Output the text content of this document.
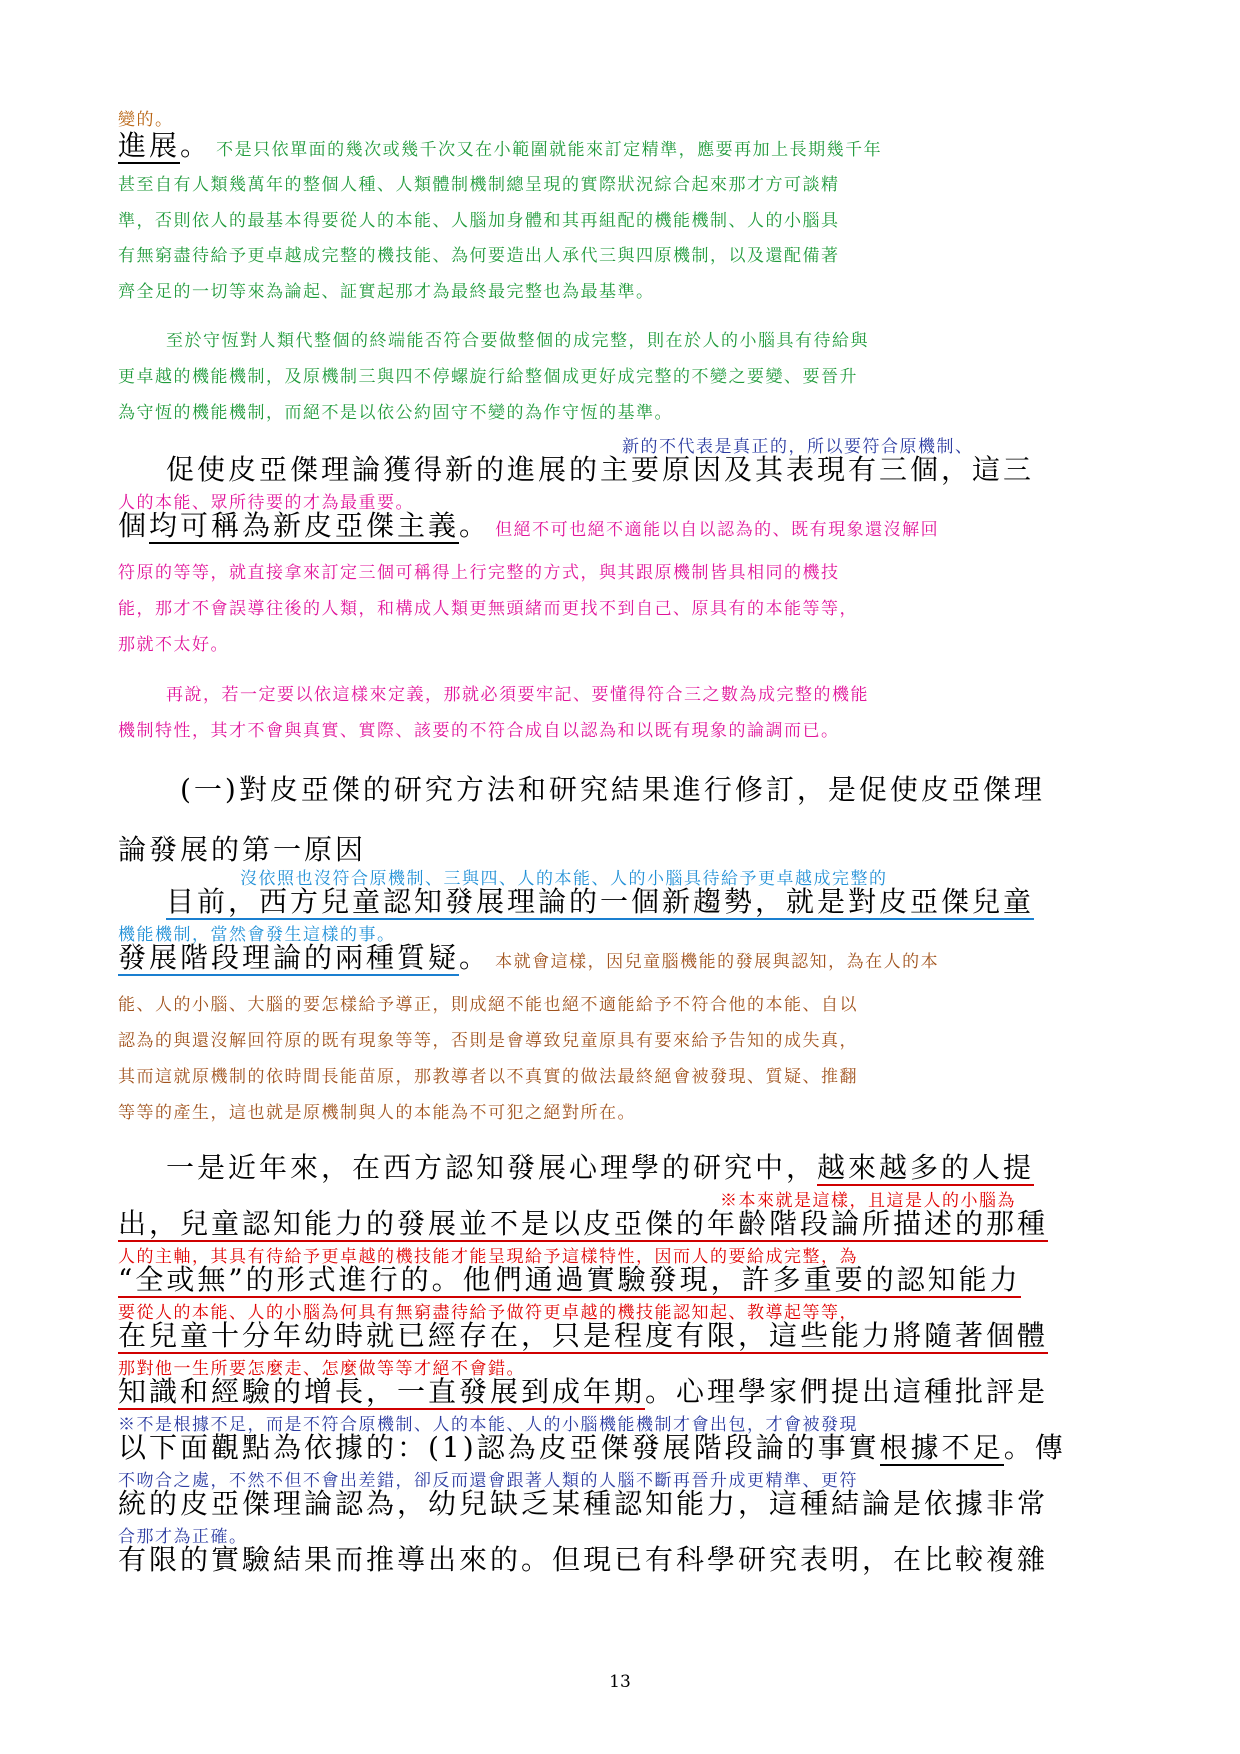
變的。
進展。 不是只依單面的幾次或幾千次又在小範圍就能來訂定精準，應要再加上長期幾千年
甚至自有人類幾萬年的整個人種、人類體制機制總呈現的實際狀況綜合起來那才方可談精
準，否則依人的最基本得要從人的本能、人腦加身體和其再組配的機能機制、人的小腦具
有無窮盡待給予更卓越成完整的機技能、為何要造出人承代三與四原機制，以及還配備著
齊全足的一切等來為論起、証實起那才為最終最完整也為最基準。
至於守恆對人類代整個的終端能否符合要做整個的成完整，則在於人的小腦具有待給與
更卓越的機能機制，及原機制三與四不停螺旋行給整個成更好成完整的不變之要變、要晉升
為守恆的機能機制，而絕不是以依公約固守不變的為作守恆的基準。
新的不代表是真正的，所以要符合原機制、
促使皮亞傑理論獲得新的進展的主要原因及其表現有三個，這三
人的本能、眾所待要的才為最重要。
個均可稱為新皮亞傑主義。 但絕不可也絕不適能以自以認為的、既有現象還沒解回
符原的等等，就直接拿來訂定三個可稱得上行完整的方式，與其跟原機制皆具相同的機技
能，那才不會誤導往後的人類，和構成人類更無頭緒而更找不到自己、原具有的本能等等，
那就不太好。
再說，若一定要以依這樣來定義，那就必須要牢記、要懂得符合三之數為成完整的機能
機制特性，其才不會與真實、實際、該要的不符合成自以認為和以既有現象的論調而已。
(一)對皮亞傑的研究方法和研究結果進行修訂，是促使皮亞傑理
論發展的第一原因
沒依照也沒符合原機制、三與四、人的本能、人的小腦具待給予更卓越成完整的
目前，西方兒童認知發展理論的一個新趨勢，就是對皮亞傑兒童
機能機制，當然會發生這樣的事。
發展階段理論的兩種質疑。 本就會這樣，因兒童腦機能的發展與認知，為在人的本
能、人的小腦、大腦的要怎樣給予導正，則成絕不能也絕不適能給予不符合他的本能、自以
認為的與還沒解回符原的既有現象等等，否則是會導致兒童原具有要來給予告知的成失真，
其而這就原機制的依時間長能苗原，那教導者以不真實的做法最終絕會被發現、質疑、推翻
等等的產生，這也就是原機制與人的本能為不可犯之絕對所在。
一是近年來，在西方認知發展心理學的研究中，越來越多的人提
※本來就是這樣，且這是人的小腦為
出，兒童認知能力的發展並不是以皮亞傑的年齡階段論所描述的那種
人的主軸，其具有待給予更卓越的機技能才能呈現給予這樣特性，因而人的要給成完整，為
“全或無”的形式進行的。他們通過實驗發現，許多重要的認知能力
要從人的本能、人的小腦為何具有無窮盡待給予做符更卓越的機技能認知起、教導起等等，
在兒童十分年幼時就已經存在，只是程度有限，這些能力將隨著個體
那對他一生所要怎麼走、怎麼做等等才絕不會錯。
知識和經驗的增長，一直發展到成年期。心理學家們提出這種批評是
※不是根據不足，而是不符合原機制、人的本能、人的小腦機能機制才會出包，才會被發現
以下面觀點為依據的：(1)認為皮亞傑發展階段論的事實根據不足。傳
不吻合之處，不然不但不會出差錯，卻反而還會跟著人類的人腦不斷再晉升成更精準、更符
統的皮亞傑理論認為，幼兒缺乏某種認知能力，這種結論是依據非常
合那才為正確。
有限的實驗結果而推導出來的。但現已有科學研究表明，在比較複雜
13
